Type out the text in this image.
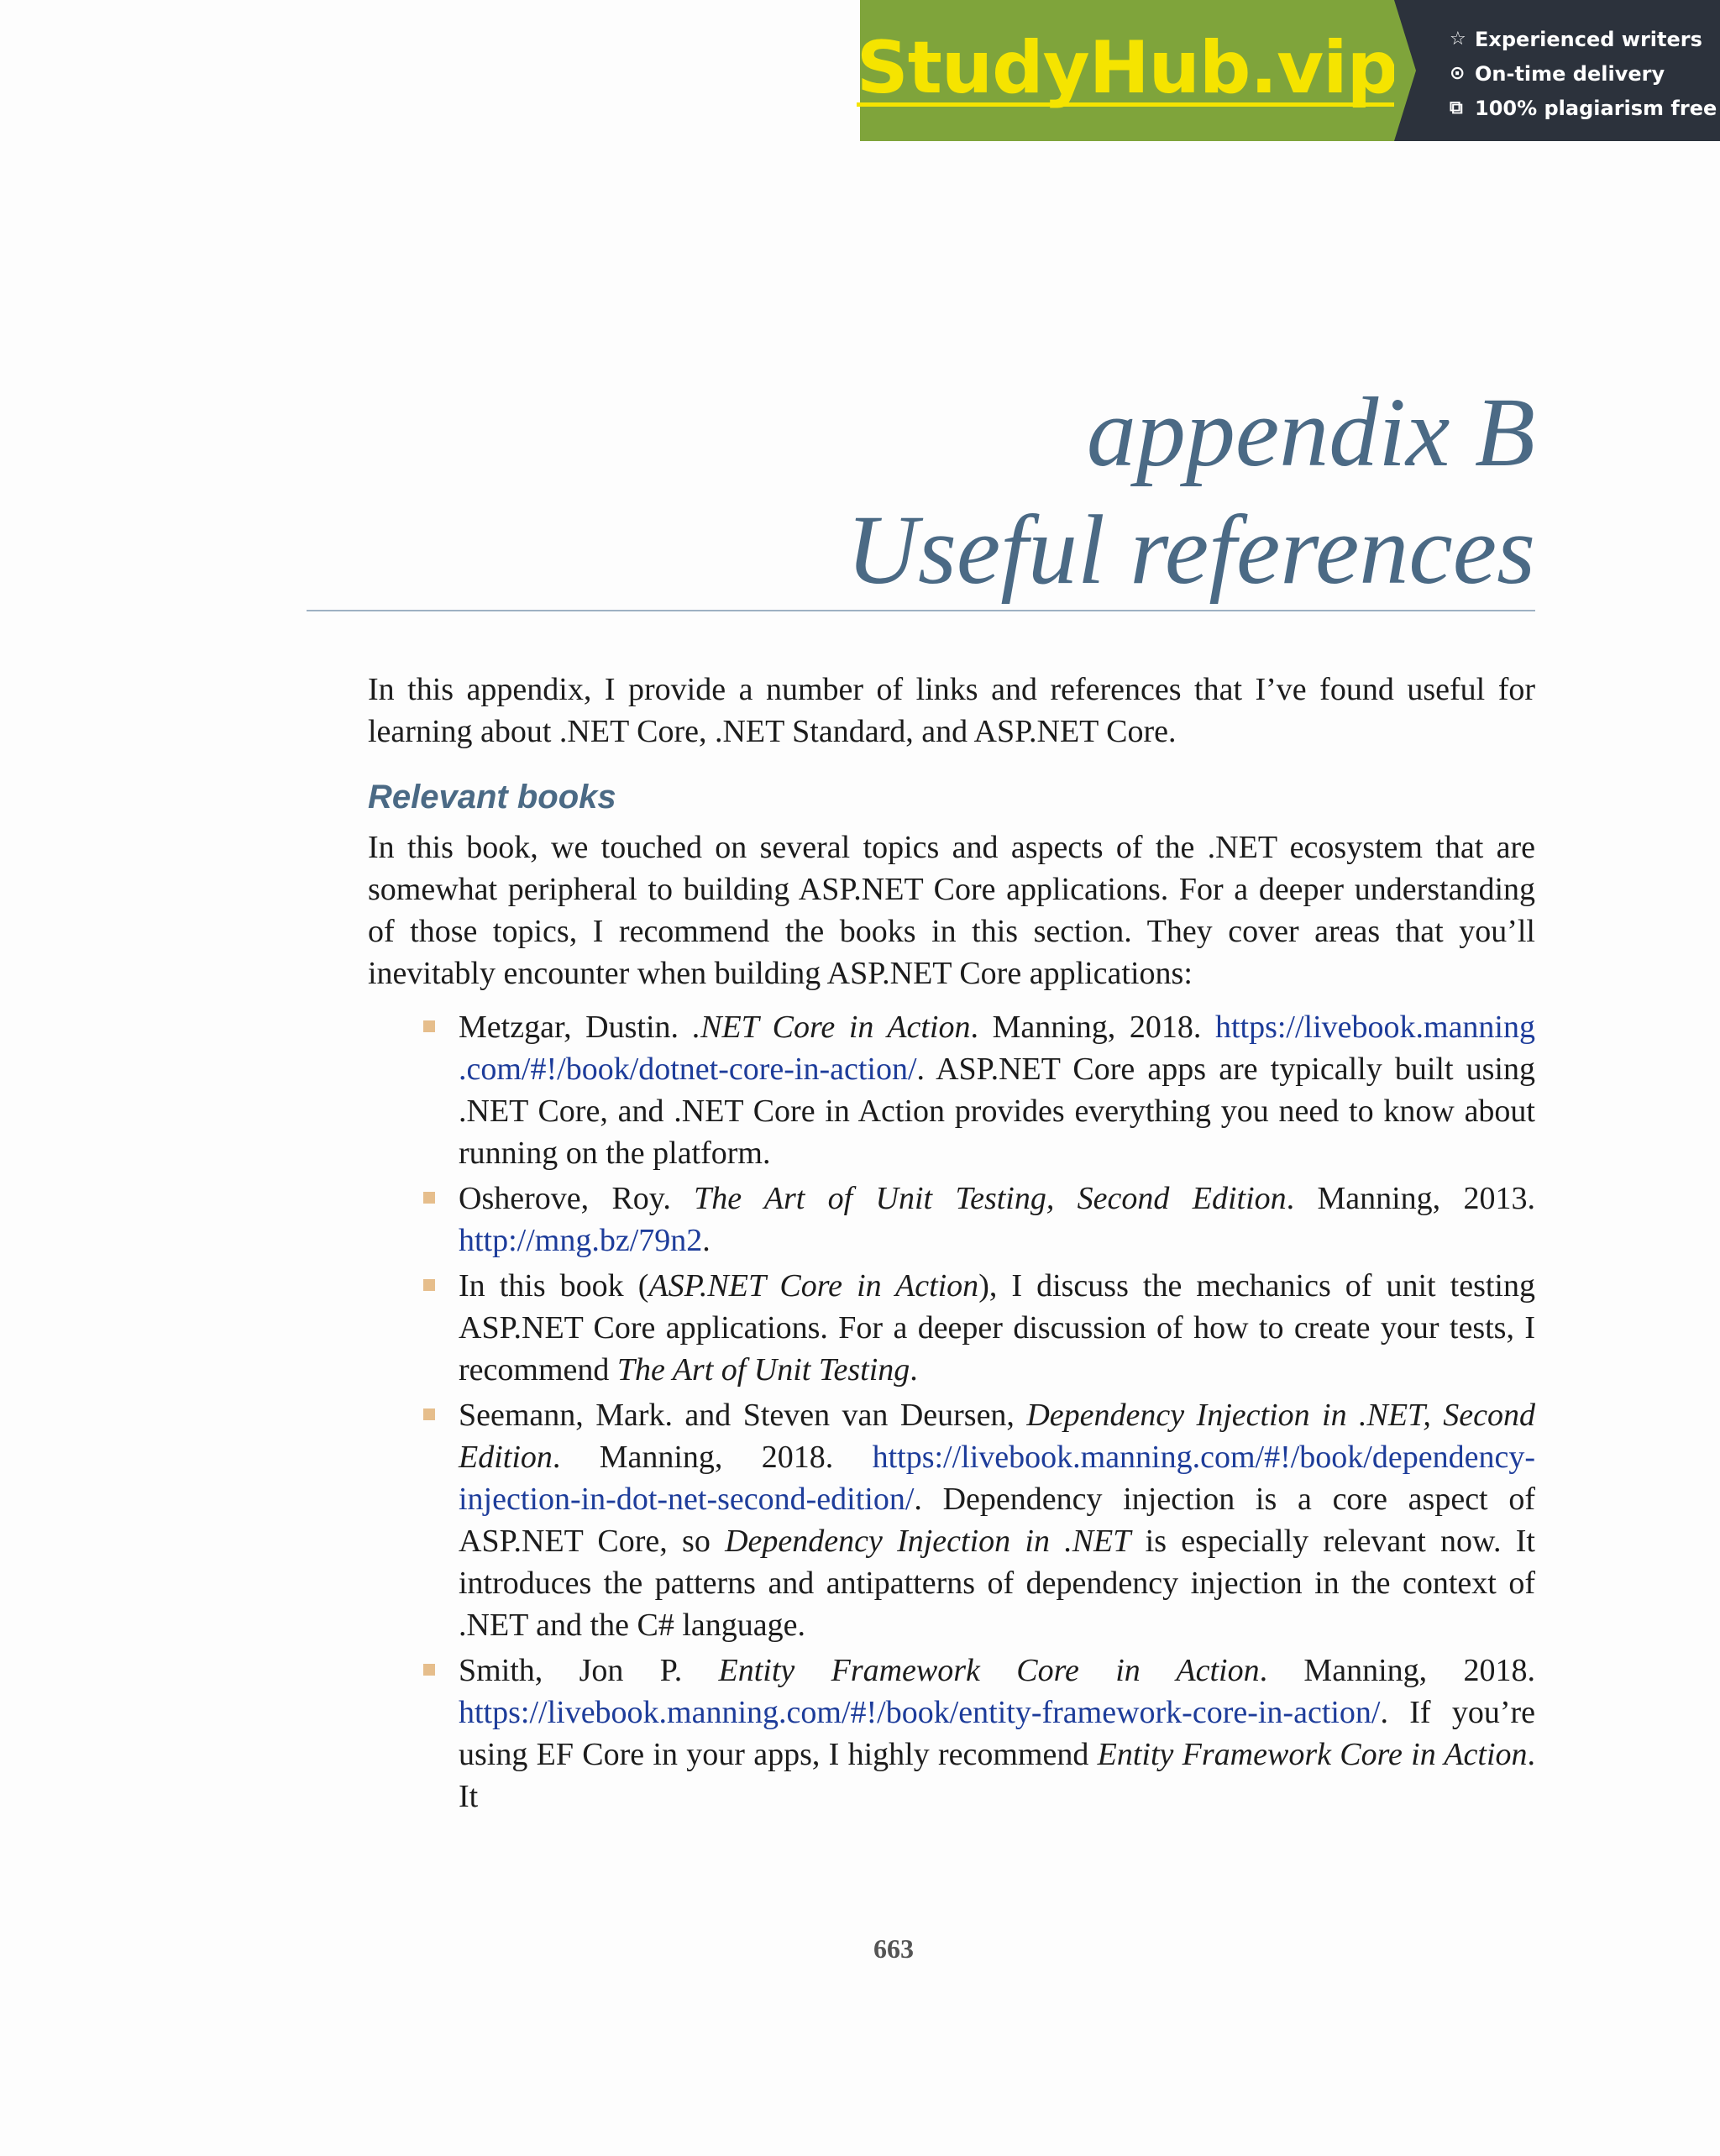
StudyHub.vip	☆ Experienced writers
⊙ On-time delivery
⧉ 100% plagiarism free
appendix B
Useful references

In this appendix, I provide a number of links and references that I’ve found useful for learning about .NET Core, .NET Standard, and ASP.NET Core.

Relevant books

In this book, we touched on several topics and aspects of the .NET ecosystem that are somewhat peripheral to building ASP.NET Core applications. For a deeper understanding of those topics, I recommend the books in this section. They cover areas that you’ll inevitably encounter when building ASP.NET Core applications:

Metzgar, Dustin. .NET Core in Action. Manning, 2018. https://livebook.manning .com/#!/book/dotnet-core-in-action/. ASP.NET Core apps are typically built using .NET Core, and .NET Core in Action provides everything you need to know about running on the platform.
Osherove, Roy. The Art of Unit Testing, Second Edition. Manning, 2013. http://mng.bz/79n2.
In this book (ASP.NET Core in Action), I discuss the mechanics of unit testing ASP.NET Core applications. For a deeper discussion of how to create your tests, I recommend The Art of Unit Testing.
Seemann, Mark. and Steven van Deursen, Dependency Injection in .NET, Second Edition. Manning, 2018. https://livebook.manning.com/#!/book/dependency-injection-in-dot-net-second-edition/. Dependency injection is a core aspect of ASP.NET Core, so Dependency Injection in .NET is especially relevant now. It introduces the patterns and antipatterns of dependency injection in the context of .NET and the C# language.
Smith, Jon P. Entity Framework Core in Action. Manning, 2018. https://livebook.manning.com/#!/book/entity-framework-core-in-action/. If you’re using EF Core in your apps, I highly recommend Entity Framework Core in Action. It
663
